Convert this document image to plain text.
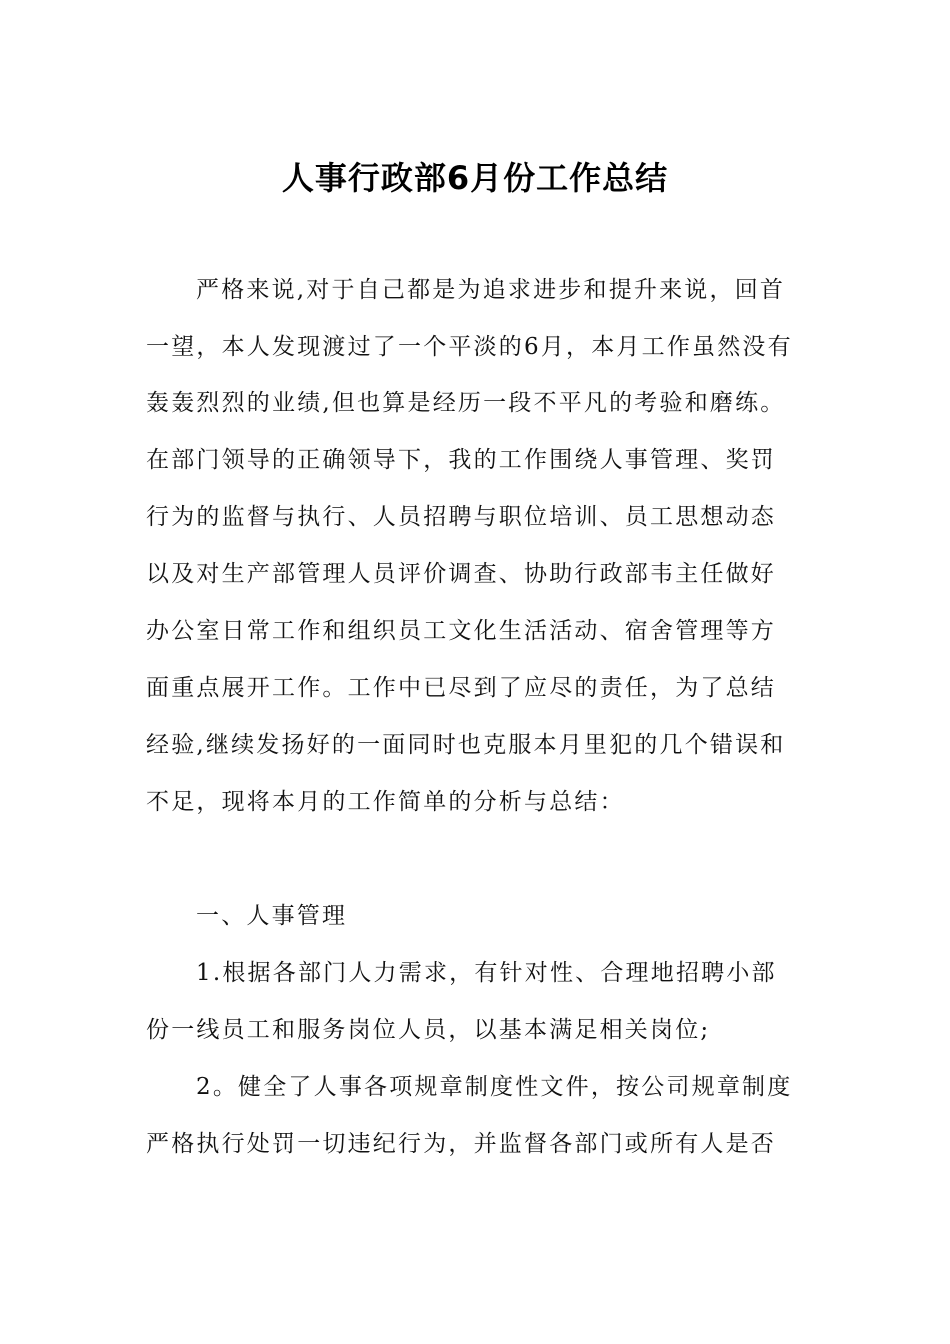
人事行政部6月份工作总结
严格来说,对于自己都是为追求进步和提升来说，回首
一望，本人发现渡过了一个平淡的6月，本月工作虽然没有
轰轰烈烈的业绩,但也算是经历一段不平凡的考验和磨练。
在部门领导的正确领导下，我的工作围绕人事管理、奖罚
行为的监督与执行、人员招聘与职位培训、员工思想动态
以及对生产部管理人员评价调查、协助行政部韦主任做好
办公室日常工作和组织员工文化生活活动、宿舍管理等方
面重点展开工作。工作中已尽到了应尽的责任，为了总结
经验,继续发扬好的一面同时也克服本月里犯的几个错误和
不足，现将本月的工作简单的分析与总结：
一、人事管理
1.根据各部门人力需求，有针对性、合理地招聘小部
份一线员工和服务岗位人员，以基本满足相关岗位;
2。健全了人事各项规章制度性文件，按公司规章制度
严格执行处罚一切违纪行为，并监督各部门或所有人是否
